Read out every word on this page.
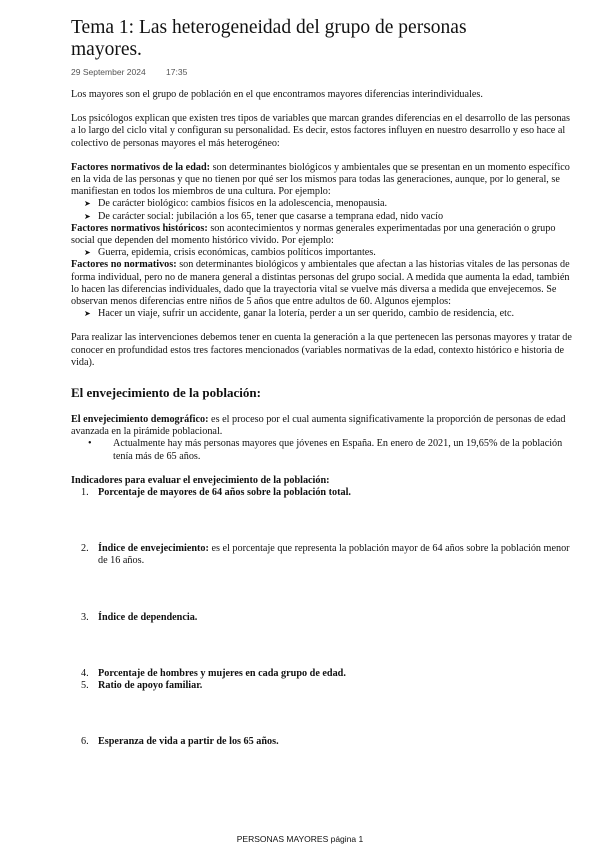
Tema 1: Las heterogeneidad del grupo de personas mayores.
29 September 2024 17:35

Los mayores son el grupo de población en el que encontramos mayores diferencias interindividuales.

Los psicólogos explican que existen tres tipos de variables que marcan grandes diferencias en el desarrollo de las personas a lo largo del ciclo vital y configuran su personalidad. Es decir, estos factores influyen en nuestro desarrollo y eso hace al colectivo de personas mayores el más heterogéneo:

Factores normativos de la edad: son determinantes biológicos y ambientales que se presentan en un momento específico en la vida de las personas y que no tienen por qué ser los mismos para todas las generaciones, aunque, por lo general, se manifiestan en todos los miembros de una cultura. Por ejemplo:

➤ De carácter biológico: cambios físicos en la adolescencia, menopausia.
➤ De carácter social: jubilación a los 65, tener que casarse a temprana edad, nido vacío

Factores normativos históricos: son acontecimientos y normas generales experimentadas por una generación o grupo social que dependen del momento histórico vivido. Por ejemplo:

➤ Guerra, epidemia, crisis económicas, cambios políticos importantes.

Factores no normativos: son determinantes biológicos y ambientales que afectan a las historias vitales de las personas de forma individual, pero no de manera general a distintas personas del grupo social. A medida que aumenta la edad, también lo hacen las diferencias individuales, dado que la trayectoria vital se vuelve más diversa a medida que envejecemos. Se observan menos diferencias entre niños de 5 años que entre adultos de 60. Algunos ejemplos:

➤ Hacer un viaje, sufrir un accidente, ganar la lotería, perder a un ser querido, cambio de residencia, etc.

Para realizar las intervenciones debemos tener en cuenta la generación a la que pertenecen las personas mayores y tratar de conocer en profundidad estos tres factores mencionados (variables normativas de la edad, contexto histórico e historia de vida).

El envejecimiento de la población:

El envejecimiento demográfico: es el proceso por el cual aumenta significativamente la proporción de personas de edad avanzada en la pirámide poblacional.

• Actualmente hay más personas mayores que jóvenes en España. En enero de 2021, un 19,65% de la población tenía más de 65 años.

Indicadores para evaluar el envejecimiento de la población:

1. Porcentaje de mayores de 64 años sobre la población total.
2. Índice de envejecimiento: es el porcentaje que representa la población mayor de 64 años sobre la población menor de 16 años.
3. Índice de dependencia.
4. Porcentaje de hombres y mujeres en cada grupo de edad.
5. Ratio de apoyo familiar.
6. Esperanza de vida a partir de los 65 años.
PERSONAS MAYORES página 1
